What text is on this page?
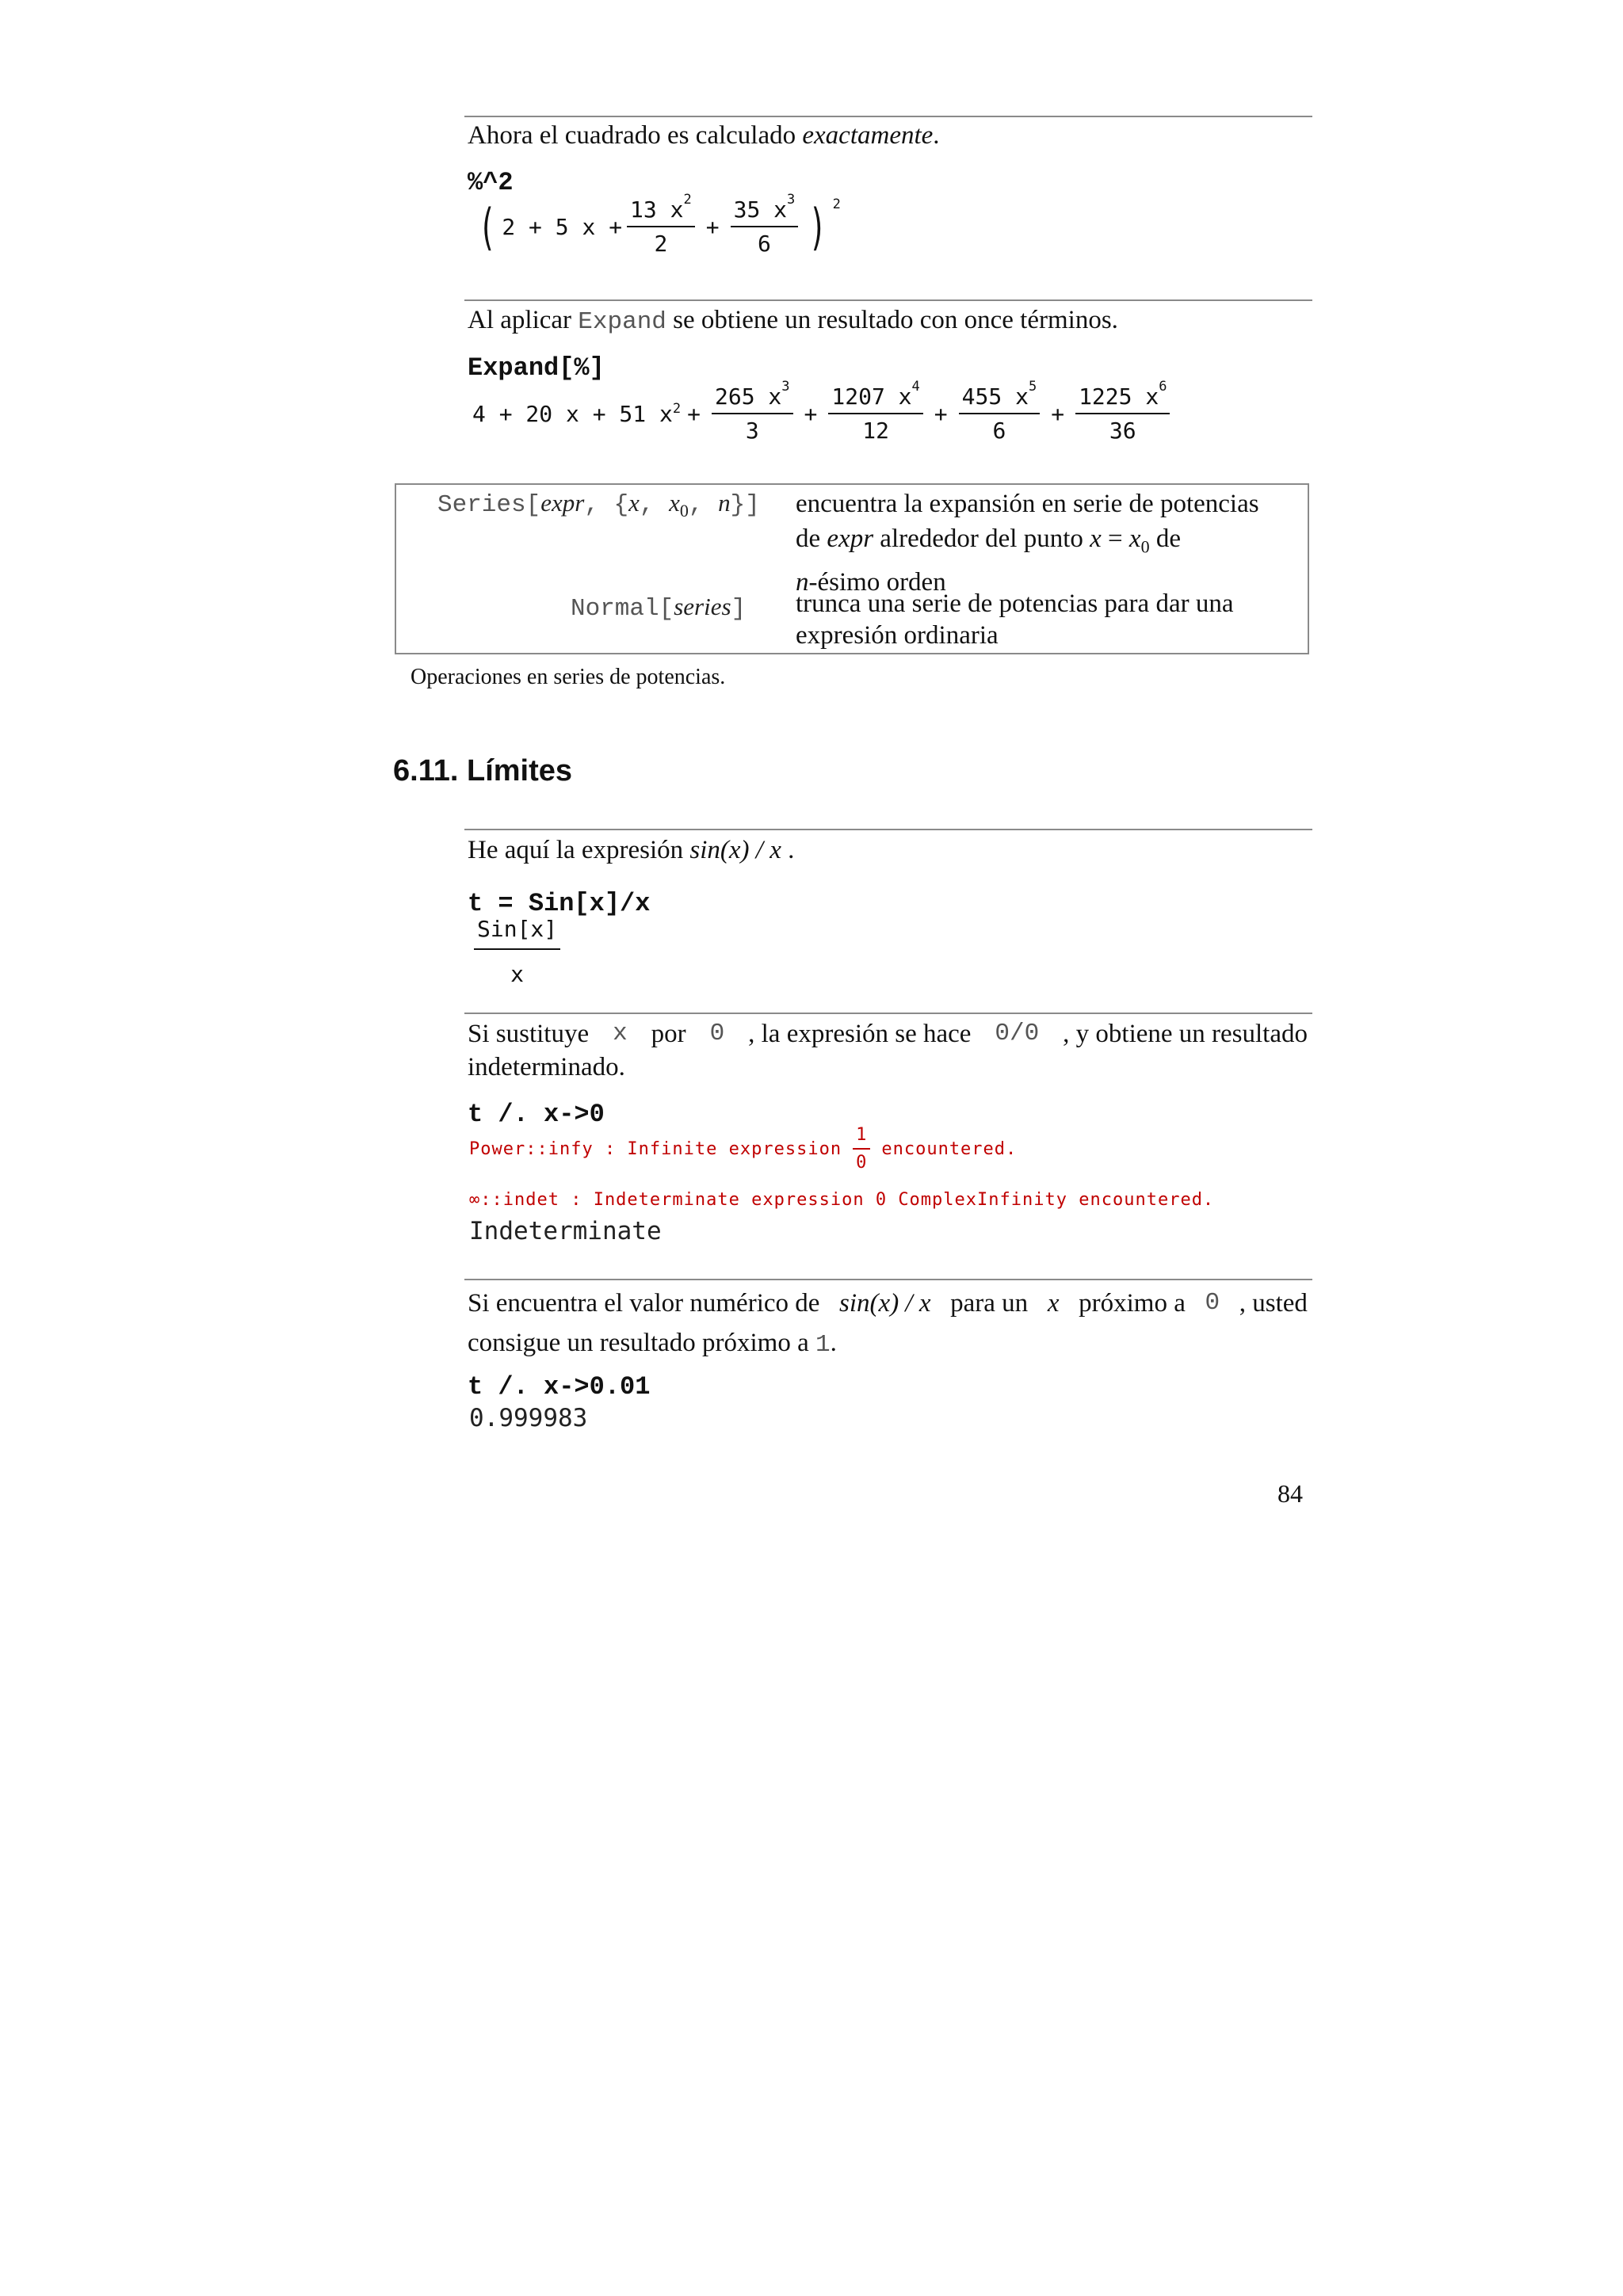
Ahora el cuadrado es calculado exactamente.
%^2
( 2 + 5 $x + \frac{13 x^2}{2} + \frac{35 x^3}{6}$ ) $^2$
Al aplicar Expand se obtiene un resultado con once términos.
Expand[%]
4 + 20 x + 51 $x^2 + \frac{265 x^3}{3} + \frac{1207 x^4}{12} + \frac{455 x^5}{6} + \frac{1225 x^6}{36}$
Series[expr, {x, $x_0$, n}] encuentra la expansión en serie de potencias
de expr alrededor del punto $x = x_0$ de
n-ésimo orden
Normal[series] trunca una serie de potencias para dar una
expresión ordinaria
Operaciones en series de potencias.
6.11. Límites
He aquí la expresión sin(x) / x .
t = Sin[x]/x
$\frac{\text{Sin[x]}}{x}$
Si sustituye x por 0 , la expresión se hace 0/0 , y obtiene un resultado
indeterminado.
t /. x->0
Power::infy : Infinite expression $\frac{1}{0}$ encountered.
∞::indet : Indeterminate expression 0 ComplexInfinity encountered.
Indeterminate
Si encuentra el valor numérico de sin(x) / x para un x próximo a 0 , usted
consigue un resultado próximo a 1.
t /. x->0.01
0.999983
84
